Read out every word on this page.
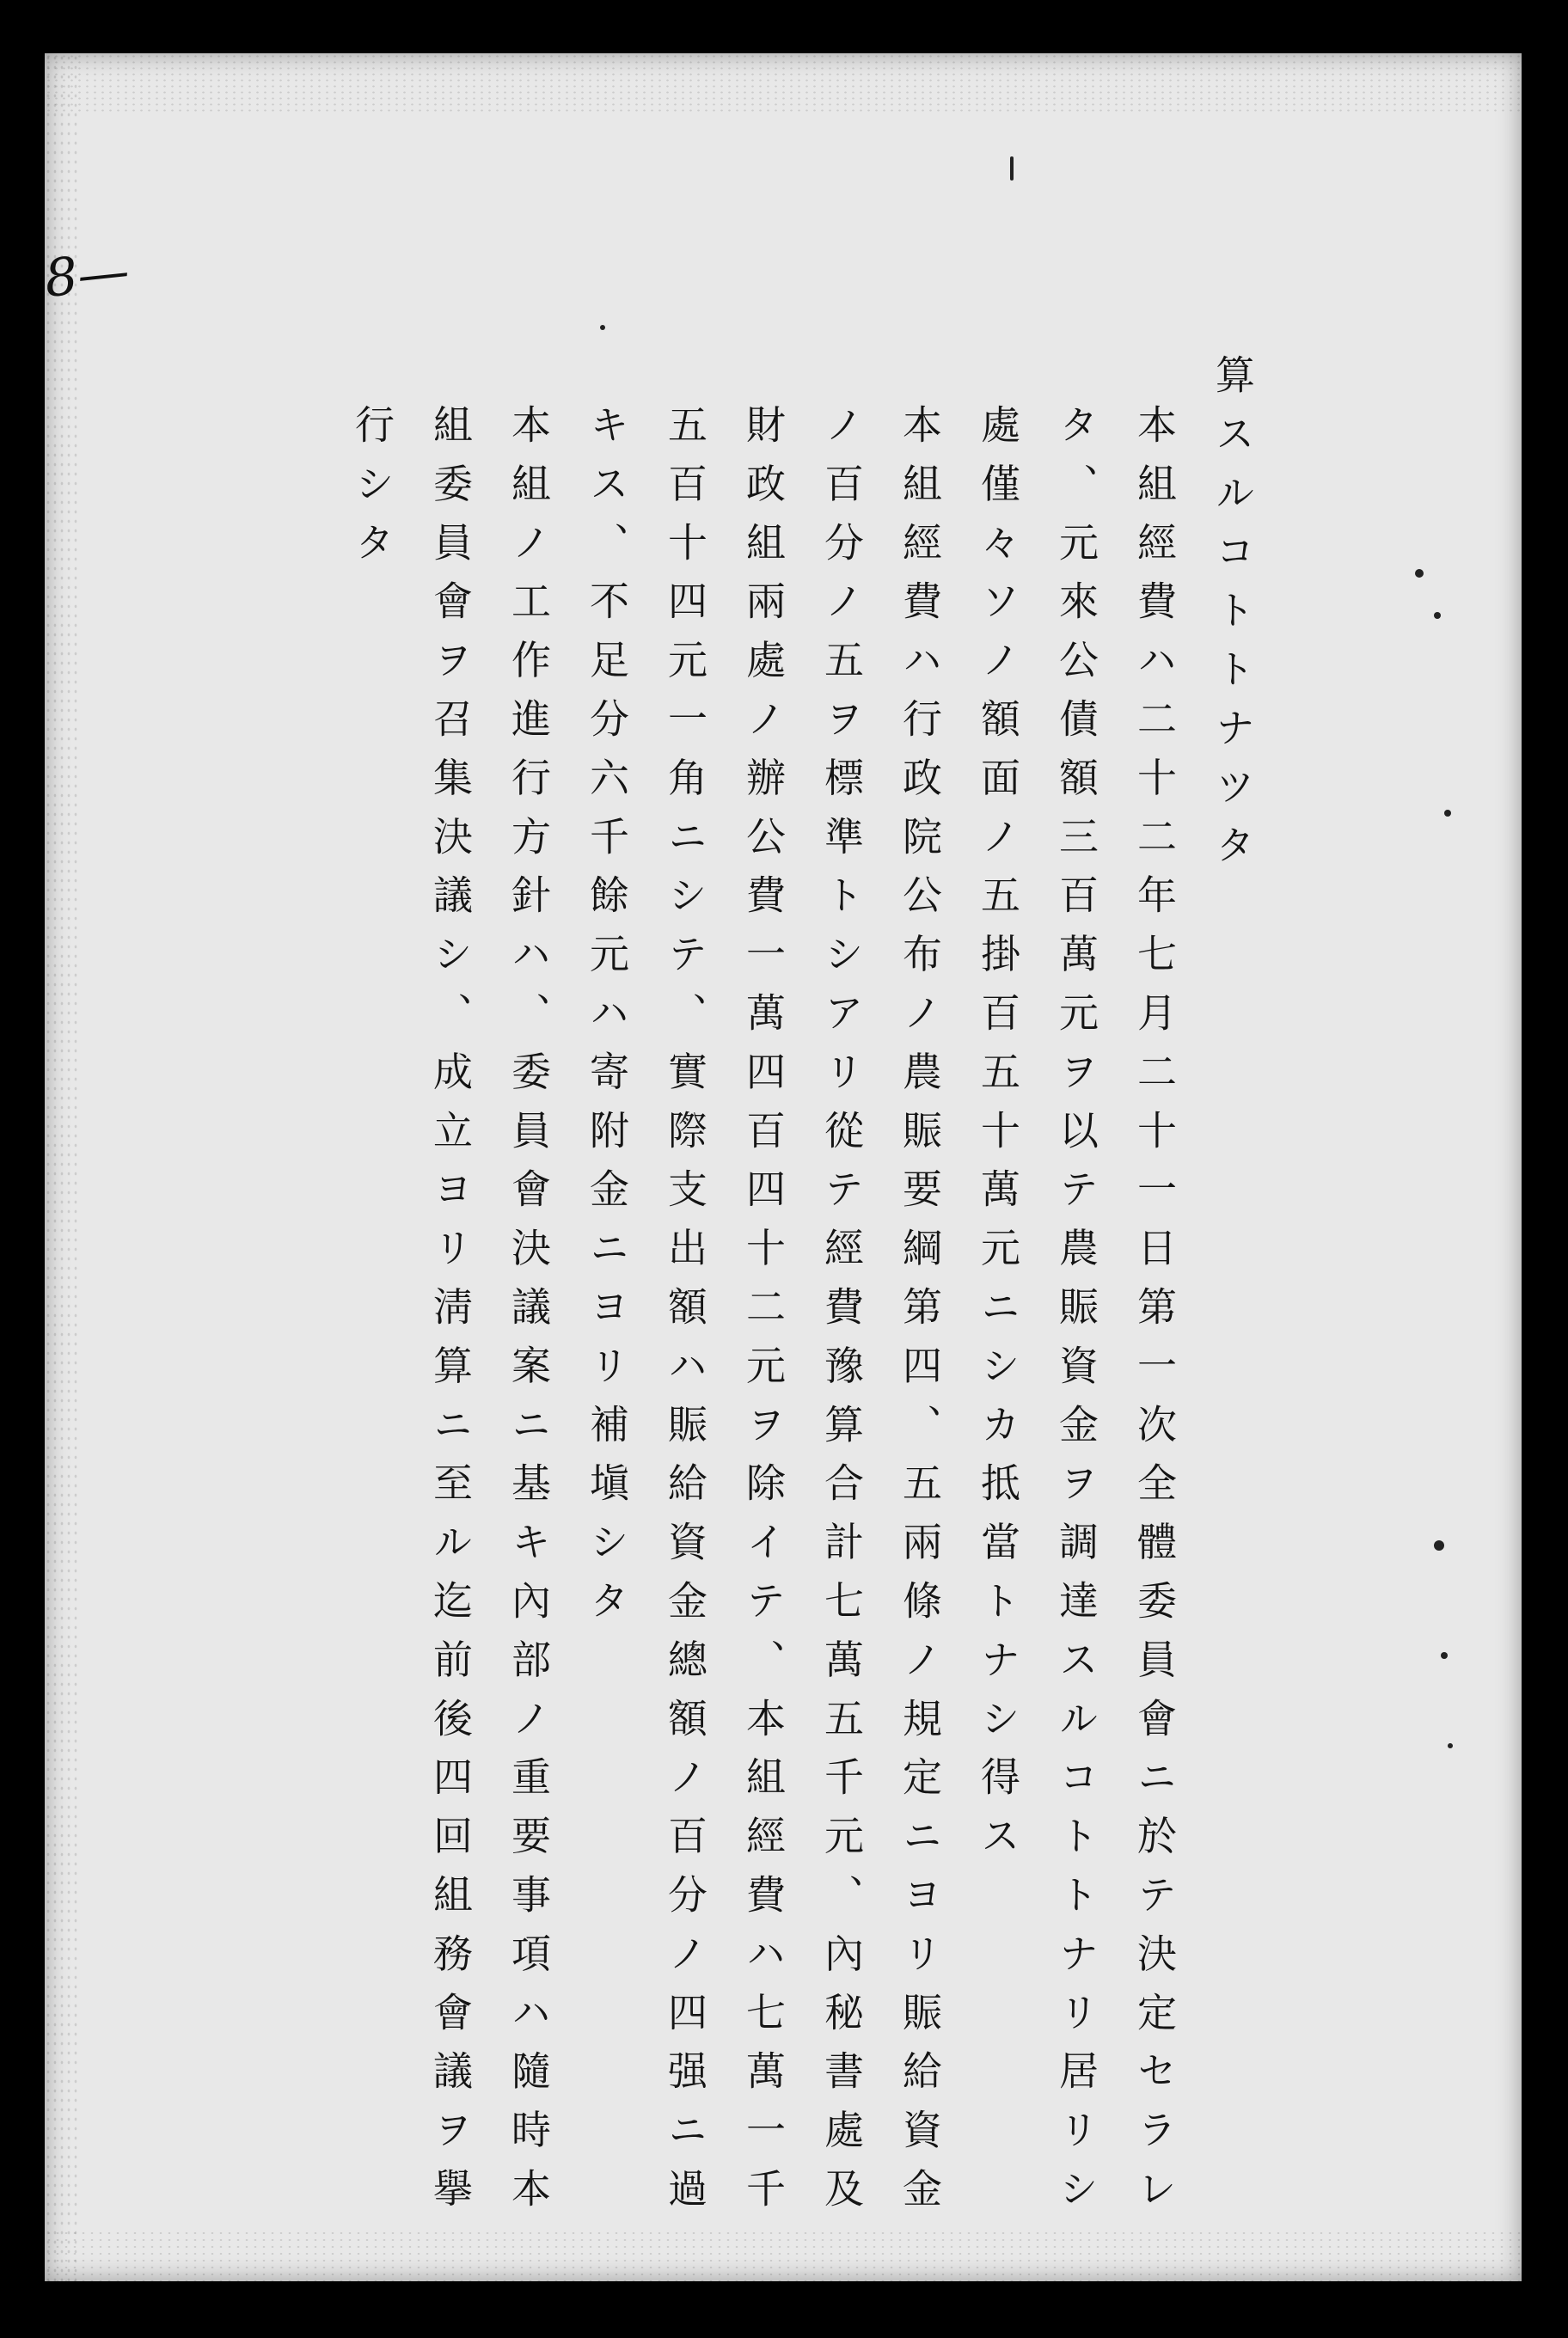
8—
算スルコトトナツタ
本組經費ハ二十二年七月二十一日第一次全體委員會ニ於テ決定セラレ
タ、元來公債額三百萬元ヲ以テ農賑資金ヲ調達スルコトトナリ居リシ
處僅々ソノ額面ノ五掛百五十萬元ニシカ抵當トナシ得ス
本組經費ハ行政院公布ノ農賑要綱第四、五兩條ノ規定ニヨリ賑給資金
ノ百分ノ五ヲ標準トシアリ從テ經費豫算合計七萬五千元、內秘書處及
財政組兩處ノ辦公費一萬四百四十二元ヲ除イテ、本組經費ハ七萬一千
五百十四元一角ニシテ、實際支出額ハ賑給資金總額ノ百分ノ四强ニ過
キス、不足分六千餘元ハ寄附金ニヨリ補塡シタ
本組ノ工作進行方針ハ、委員會決議案ニ基キ內部ノ重要事項ハ隨時本
組委員會ヲ召集決議シ、成立ヨリ淸算ニ至ル迄前後四回組務會議ヲ擧
行シタ
